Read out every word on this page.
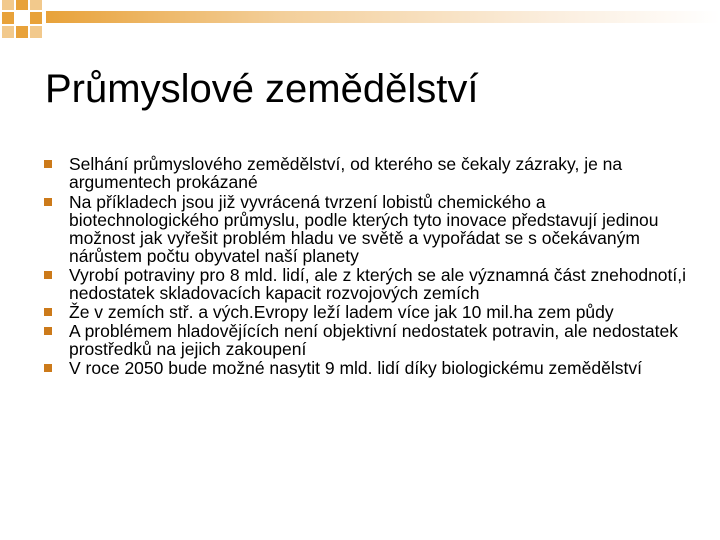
Průmyslové zemědělství
Selhání průmyslového zemědělství, od kterého se čekaly zázraky, je na argumentech prokázané
Na příkladech jsou již vyvrácená tvrzení lobistů chemického a biotechnologického průmyslu, podle kterých tyto inovace představují jedinou možnost jak vyřešit problém hladu ve světě a vypořádat se s očekávaným nárůstem počtu obyvatel naší planety
Vyrobí potraviny pro 8 mld. lidí, ale z kterých se ale významná část znehodnotí,i nedostatek skladovacích kapacit rozvojových zemích
Že v zemích stř. a vých.Evropy leží ladem více jak 10 mil.ha zem půdy
A problémem hladovějících není objektivní nedostatek potravin, ale nedostatek prostředků na jejich zakoupení
V roce 2050 bude možné nasytit 9 mld. lidí díky biologickému zemědělství
